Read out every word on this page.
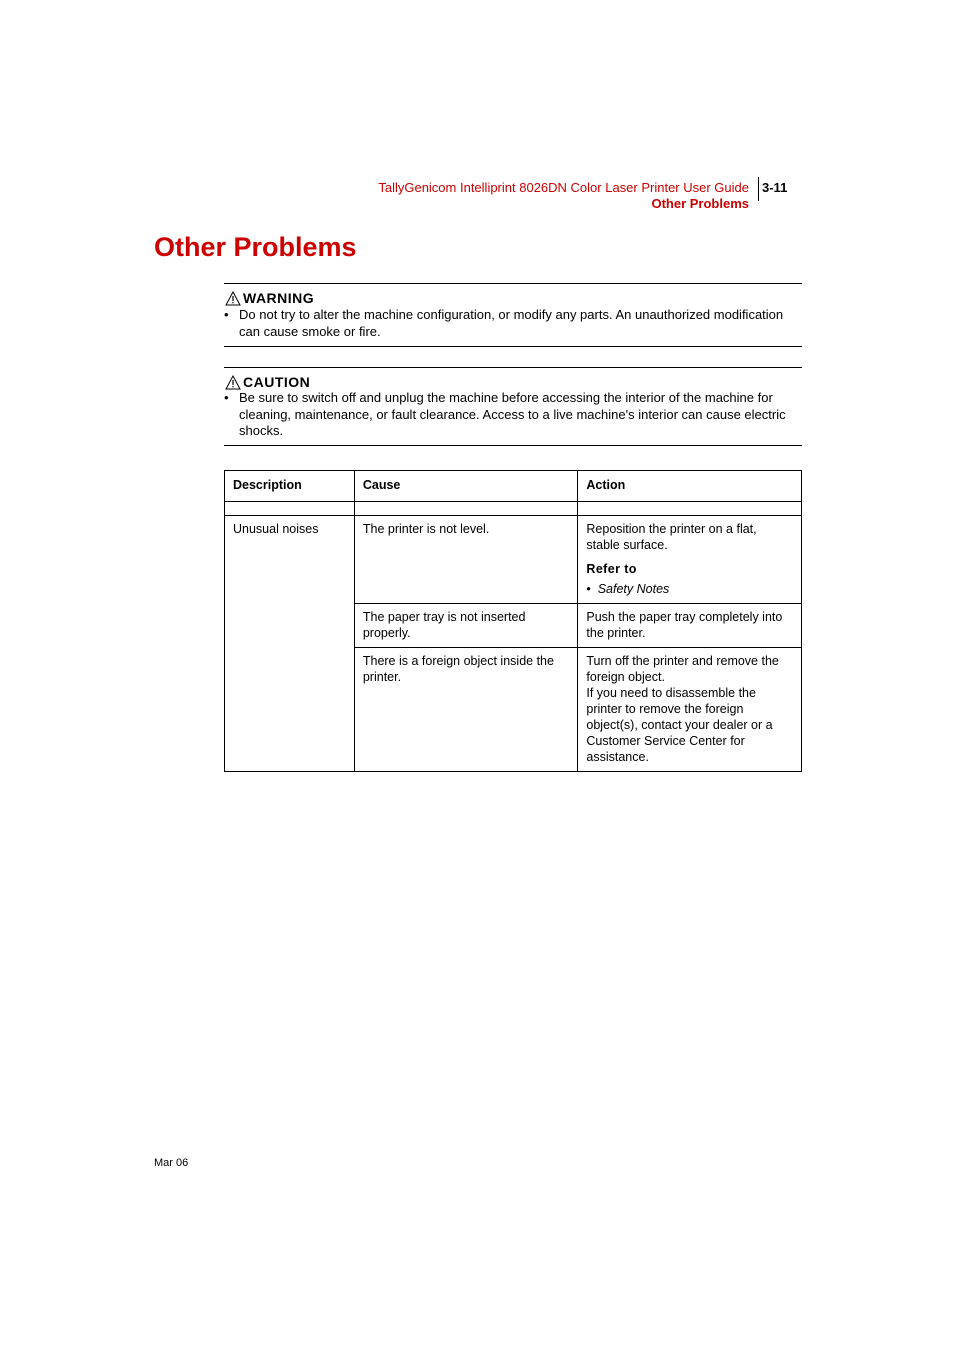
TallyGenicom Intelliprint 8026DN Color Laser Printer User Guide
Other Problems
3-11
Other Problems
WARNING
• Do not try to alter the machine configuration, or modify any parts. An unauthorized modification can cause smoke or fire.
CAUTION
• Be sure to switch off and unplug the machine before accessing the interior of the machine for cleaning, maintenance, or fault clearance. Access to a live machine's interior can cause electric shocks.
Description	Cause	Action

Unusual noises	The printer is not level.	Reposition the printer on a flat, stable surface.
Refer to
•  Safety Notes

	The paper tray is not inserted properly.	Push the paper tray completely into the printer.
	There is a foreign object inside the printer.	Turn off the printer and remove the foreign object.
If you need to disassemble the printer to remove the foreign object(s), contact your dealer or a Customer Service Center for assistance.
Mar 06
